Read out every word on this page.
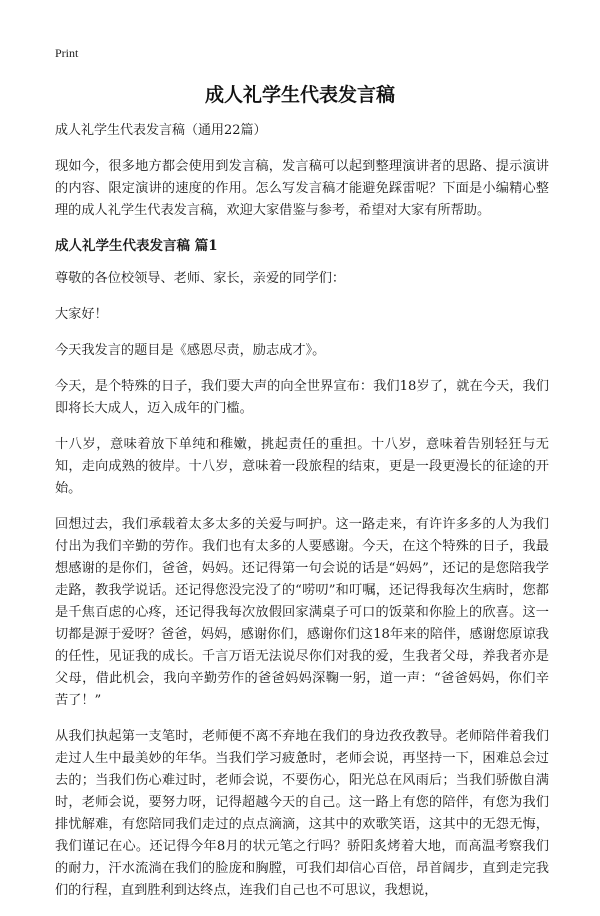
Print
成人礼学生代表发言稿

成人礼学生代表发言稿（通用22篇）

现如今，很多地方都会使用到发言稿，发言稿可以起到整理演讲者的思路、提示演讲的内容、限定演讲的速度的作用。怎么写发言稿才能避免踩雷呢？下面是小编精心整理的成人礼学生代表发言稿，欢迎大家借鉴与参考，希望对大家有所帮助。

成人礼学生代表发言稿 篇1

尊敬的各位校领导、老师、家长，亲爱的同学们：

大家好！

今天我发言的题目是《感恩尽责，励志成才》。

今天，是个特殊的日子，我们要大声的向全世界宣布：我们18岁了，就在今天，我们即将长大成人，迈入成年的门槛。

十八岁，意味着放下单纯和稚嫩，挑起责任的重担。十八岁，意味着告别轻狂与无知，走向成熟的彼岸。十八岁，意味着一段旅程的结束，更是一段更漫长的征途的开始。

回想过去，我们承载着太多太多的关爱与呵护。这一路走来，有许许多多的人为我们付出为我们辛勤的劳作。我们也有太多的人要感谢。今天，在这个特殊的日子，我最想感谢的是你们，爸爸，妈妈。还记得第一句会说的话是“妈妈”，还记的是您陪我学走路，教我学说话。还记得您没完没了的“唠叨”和叮嘱，还记得我每次生病时，您都是千焦百虑的心疼，还记得我每次放假回家满桌子可口的饭菜和你脸上的欣喜。这一切都是源于爱呀？爸爸，妈妈，感谢你们，感谢你们这18年来的陪伴，感谢您原谅我的任性，见证我的成长。千言万语无法说尽你们对我的爱，生我者父母，养我者亦是父母，借此机会，我向辛勤劳作的爸爸妈妈深鞠一躬，道一声：“爸爸妈妈，你们辛苦了！”

从我们执起第一支笔时，老师便不离不弃地在我们的身边孜孜教导。老师陪伴着我们走过人生中最美妙的年华。当我们学习疲惫时，老师会说，再坚持一下，困难总会过去的；当我们伤心难过时，老师会说，不要伤心，阳光总在风雨后；当我们骄傲自满时，老师会说，要努力呀，记得超越今天的自己。这一路上有您的陪伴，有您为我们排忧解难，有您陪同我们走过的点点滴滴，这其中的欢歌笑语，这其中的无怨无悔，我们谨记在心。还记得今年8月的状元笔之行吗？骄阳炙烤着大地，而高温考察我们的耐力，汗水流淌在我们的脸庞和胸膛，可我们却信心百倍，昂首阔步，直到走完我们的行程，直到胜利到达终点，连我们自己也不可思议，我想说，
